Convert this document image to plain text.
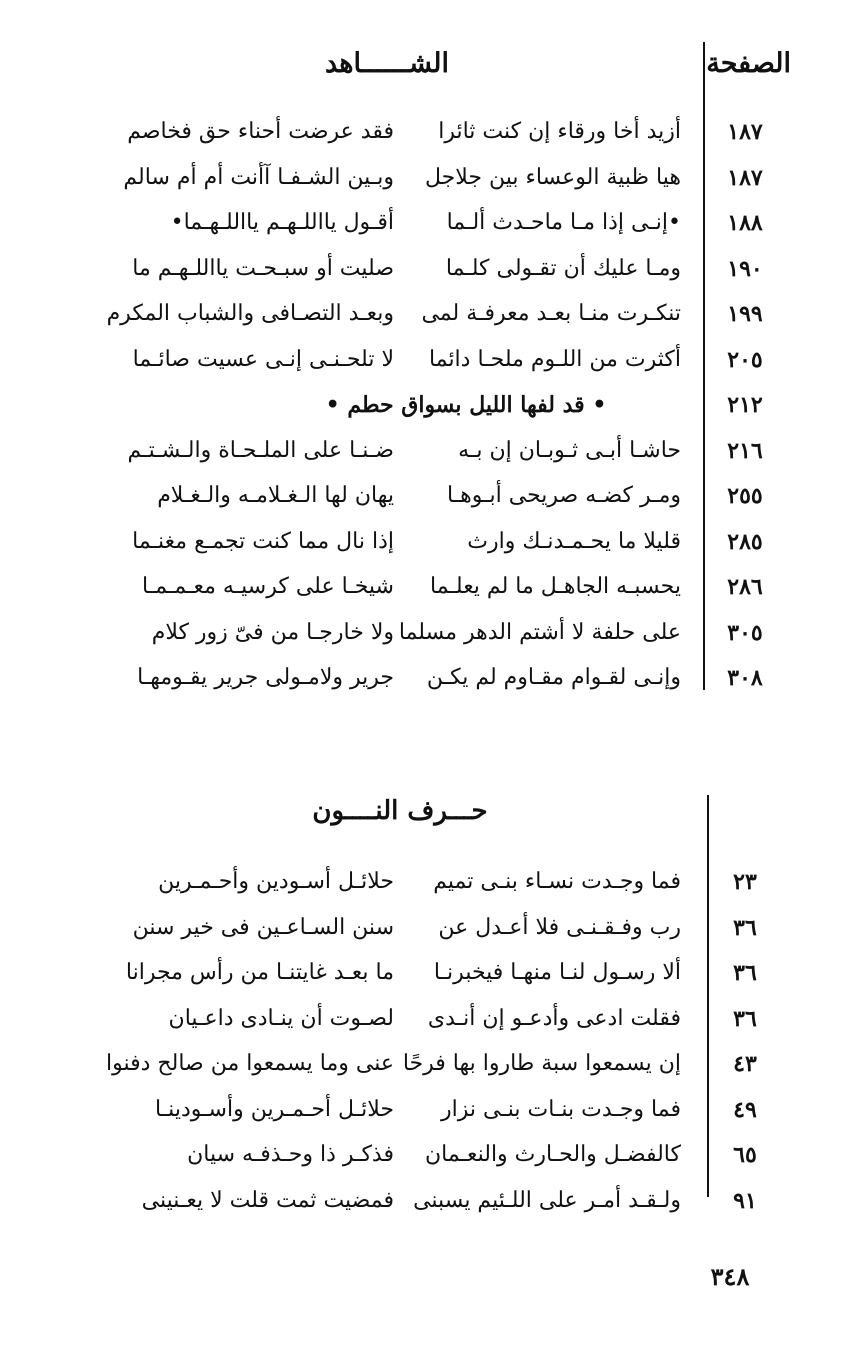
الصفحة
الشــــــاهد
١٨٧
أزيد أخا ورقاء إن كنت ثائرا
فقد عرضت أحناء حق فخاصم
١٨٧
هيا ظبية الوعساء بين جلاجل
وبـين الشـفـا آأنت أم أم سالم
١٨٨
•إنـى إذا مـا ماحـدث ألـما
أقـول يااللـهـم يااللـهـما•
١٩٠
ومـا عليك أن تقـولى كلـما
صليت أو سبـحـت يااللـهـم ما
١٩٩
تنكـرت منـا بعـد معرفـة لمى
وبعـد التصـافى والشباب المكرم
٢٠٥
أكثرت من اللـوم ملحـا دائما
لا تلحـنـى إنـى عسيت صائـما
٢١٢
• قد لفها الليل بسواق حطم •
٢١٦
حاشـا أبـى ثـوبـان إن بـه
ضـنـا على الملـحـاة والـشـتـم
٢٥٥
ومـر كضـه صريحى أبـوهـا
يهان لها الـغـلامـه والـغـلام
٢٨٥
قليلا ما يحـمـدنـك وارث
إذا نال مما كنت تجمـع مغنـما
٢٨٦
يحسبـه الجاهـل ما لم يعلـما
شيخـا على كرسيـه معـمـمـا
٣٠٥
على حلفة لا أشتم الدهر مسلما
ولا خارجـا من فىّ زور كلام
٣٠٨
وإنـى لقـوام مقـاوم لم يكـن
جرير ولامـولى جرير يقـومهـا
حـــرف النــــون
٢٣
فما وجـدت نسـاء بنـى تميم
حلائـل أسـودين وأحـمـرين
٣٦
رب وفـقـنـى فلا أعـدل عن
سنن السـاعـين فى خير سنن
٣٦
ألا رسـول لنـا منهـا فيخبرنـا
ما بعـد غايتنـا من رأس مجرانا
٣٦
فقلت ادعى وأدعـو إن أنـدى
لصـوت أن ينـادى داعـيان
٤٣
إن يسمعوا سبة طاروا بها فرحًا
عنى وما يسمعوا من صالح دفنوا
٤٩
فما وجـدت بنـات بنـى نزار
حلائـل أحـمـرين وأسـودينـا
٦٥
كالفضـل والحـارث والنعـمان
فذكـر ذا وحـذفـه سيان
٩١
ولـقـد أمـر على اللـئيم يسبنى
فمضيت ثمت قلت لا يعـنينى
٣٤٨
